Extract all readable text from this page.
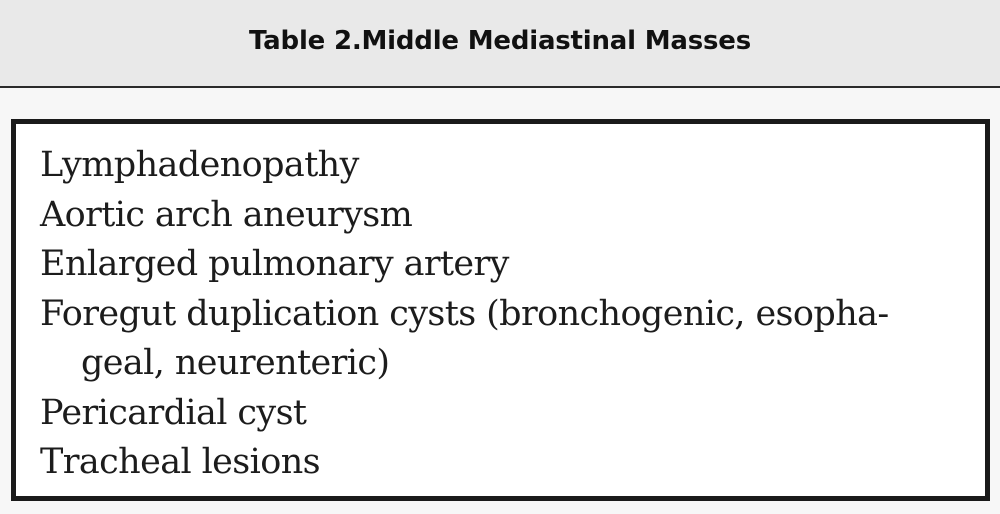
Table 2.Middle Mediastinal Masses
Lymphadenopathy
Aortic arch aneurysm
Enlarged pulmonary artery
Foregut duplication cysts (bronchogenic, esopha- geal, neurenteric)
Pericardial cyst
Tracheal lesions
